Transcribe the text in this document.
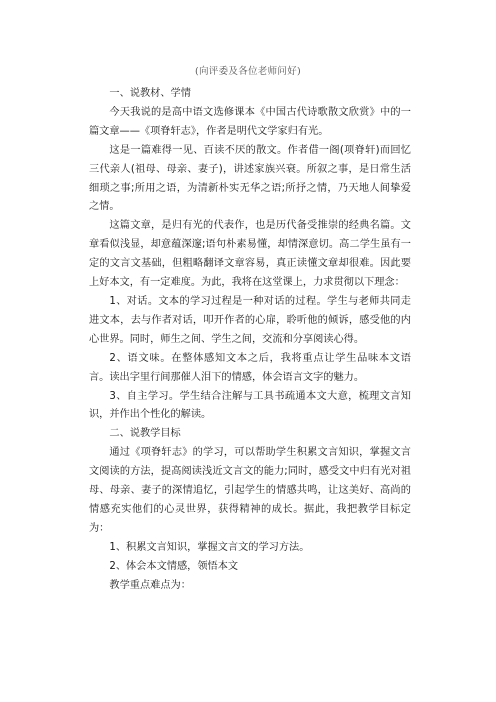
(向评委及各位老师问好)

一、说教材、学情

今天我说的是高中语文选修课本《中国古代诗歌散文欣赏》中的一篇文章——《项脊轩志》，作者是明代文学家归有光。

这是一篇难得一见、百读不厌的散文。作者借一阁(项脊轩)而回忆三代亲人(祖母、母亲、妻子)，讲述家族兴衰。所叙之事，是日常生活细琐之事;所用之语，为清新朴实无华之语;所抒之情，乃天地人间挚爱之情。

这篇文章，是归有光的代表作，也是历代备受推崇的经典名篇。文章看似浅显，却意蕴深邃;语句朴素易懂，却情深意切。高二学生虽有一定的文言文基础，但粗略翻译文章容易，真正读懂文章却很难。因此要上好本文，有一定难度。为此，我将在这堂课上，力求贯彻以下理念：

1、对话。文本的学习过程是一种对话的过程。学生与老师共同走进文本，去与作者对话，叩开作者的心扉，聆听他的倾诉，感受他的内心世界。同时，师生之间、学生之间，交流和分享阅读心得。

2、语文味。在整体感知文本之后，我将重点让学生品味本文语言。读出字里行间那催人泪下的情感，体会语言文字的魅力。

3、自主学习。学生结合注解与工具书疏通本文大意，梳理文言知识，并作出个性化的解读。

二、说教学目标

通过《项脊轩志》的学习，可以帮助学生积累文言知识，掌握文言文阅读的方法，提高阅读浅近文言文的能力;同时，感受文中归有光对祖母、母亲、妻子的深情追忆，引起学生的情感共鸣，让这美好、高尚的情感充实他们的心灵世界，获得精神的成长。据此，我把教学目标定为：

1、积累文言知识，掌握文言文的学习方法。

2、体会本文情感，领悟本文

教学重点难点为：
